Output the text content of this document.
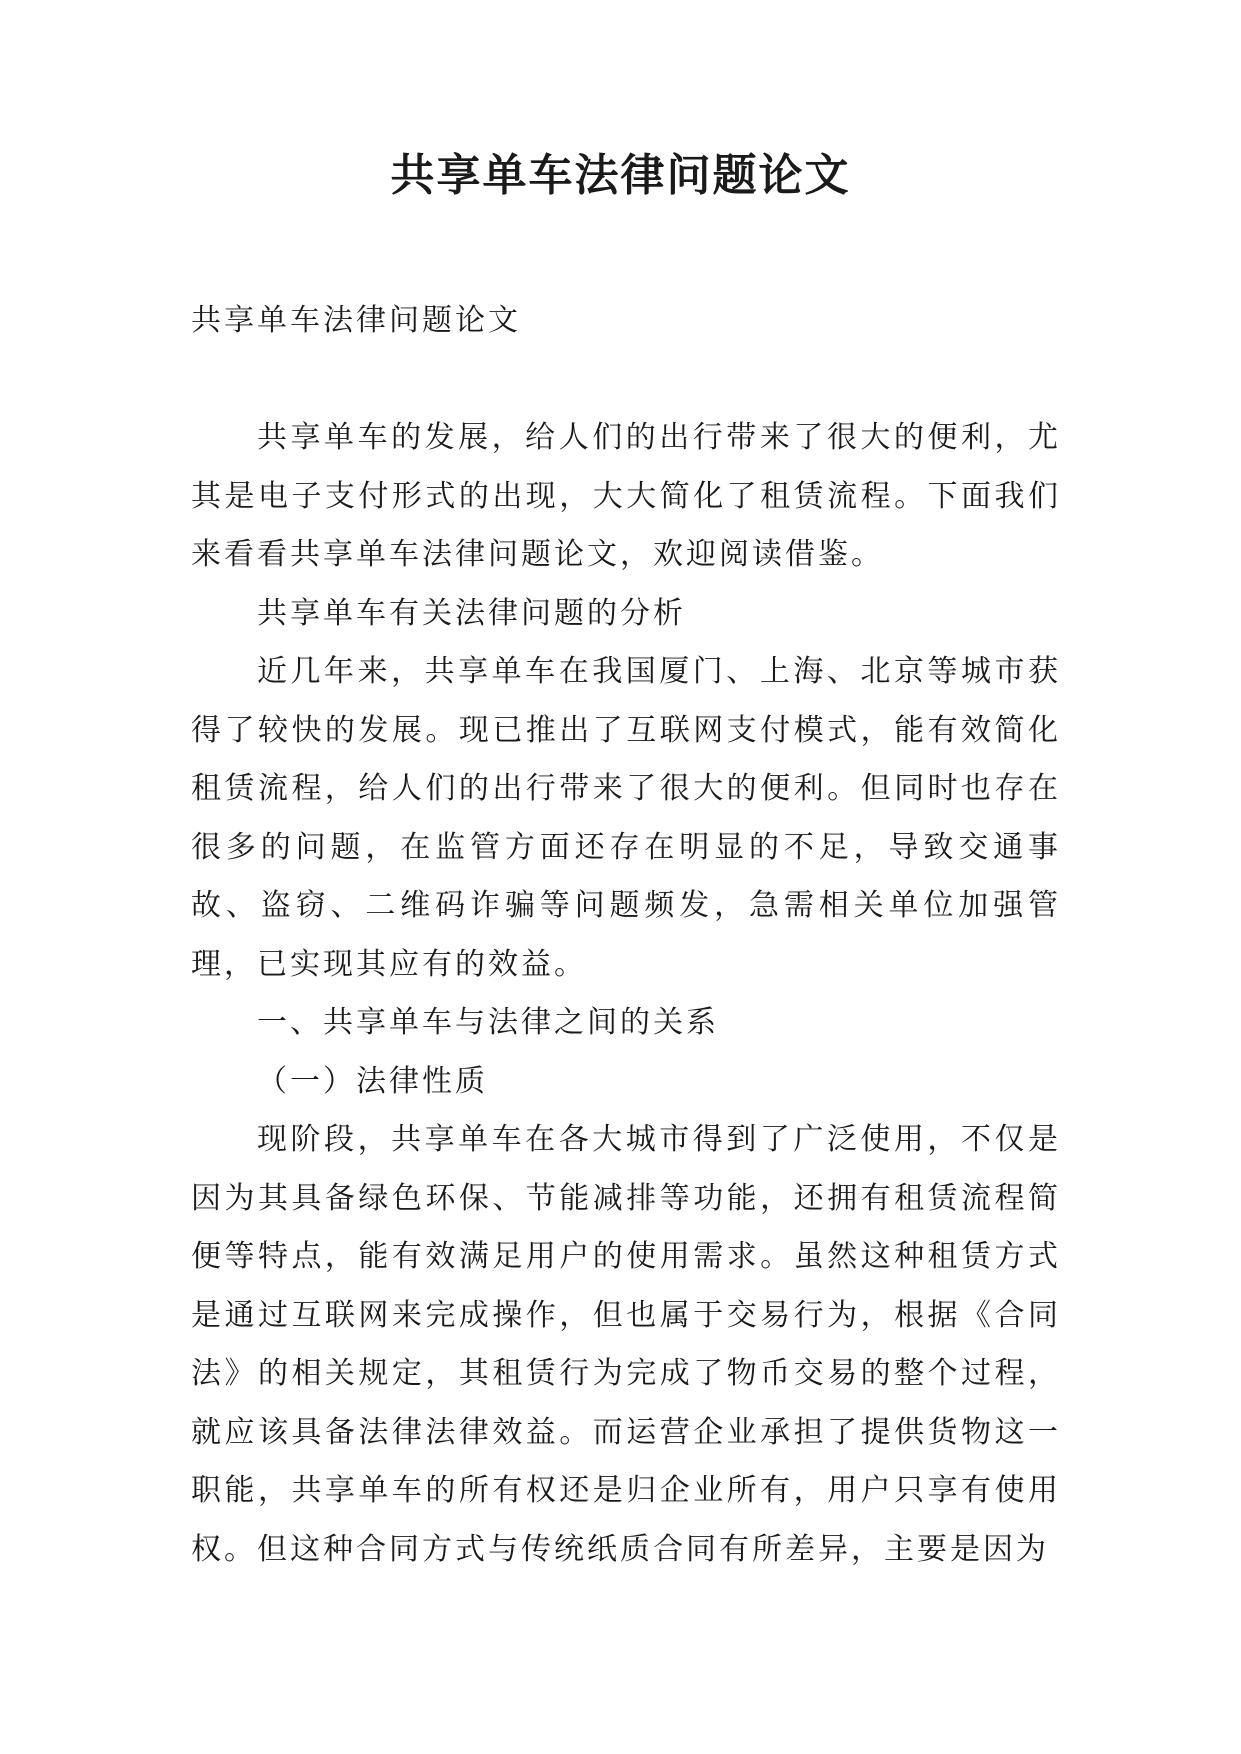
共享单车法律问题论文

共享单车法律问题论文

共享单车的发展，给人们的出行带来了很大的便利，尤其是电子支付形式的出现，大大简化了租赁流程。下面我们来看看共享单车法律问题论文，欢迎阅读借鉴。

共享单车有关法律问题的分析

近几年来，共享单车在我国厦门、上海、北京等城市获得了较快的发展。现已推出了互联网支付模式，能有效简化租赁流程，给人们的出行带来了很大的便利。但同时也存在很多的问题，在监管方面还存在明显的不足，导致交通事故、盗窃、二维码诈骗等问题频发，急需相关单位加强管理，已实现其应有的效益。

一、共享单车与法律之间的关系

（一）法律性质

现阶段，共享单车在各大城市得到了广泛使用，不仅是因为其具备绿色环保、节能减排等功能，还拥有租赁流程简便等特点，能有效满足用户的使用需求。虽然这种租赁方式是通过互联网来完成操作，但也属于交易行为，根据《合同法》的相关规定，其租赁行为完成了物币交易的整个过程，就应该具备法律法律效益。而运营企业承担了提供货物这一职能，共享单车的所有权还是归企业所有，用户只享有使用权。但这种合同方式与传统纸质合同有所差异，主要是因为
